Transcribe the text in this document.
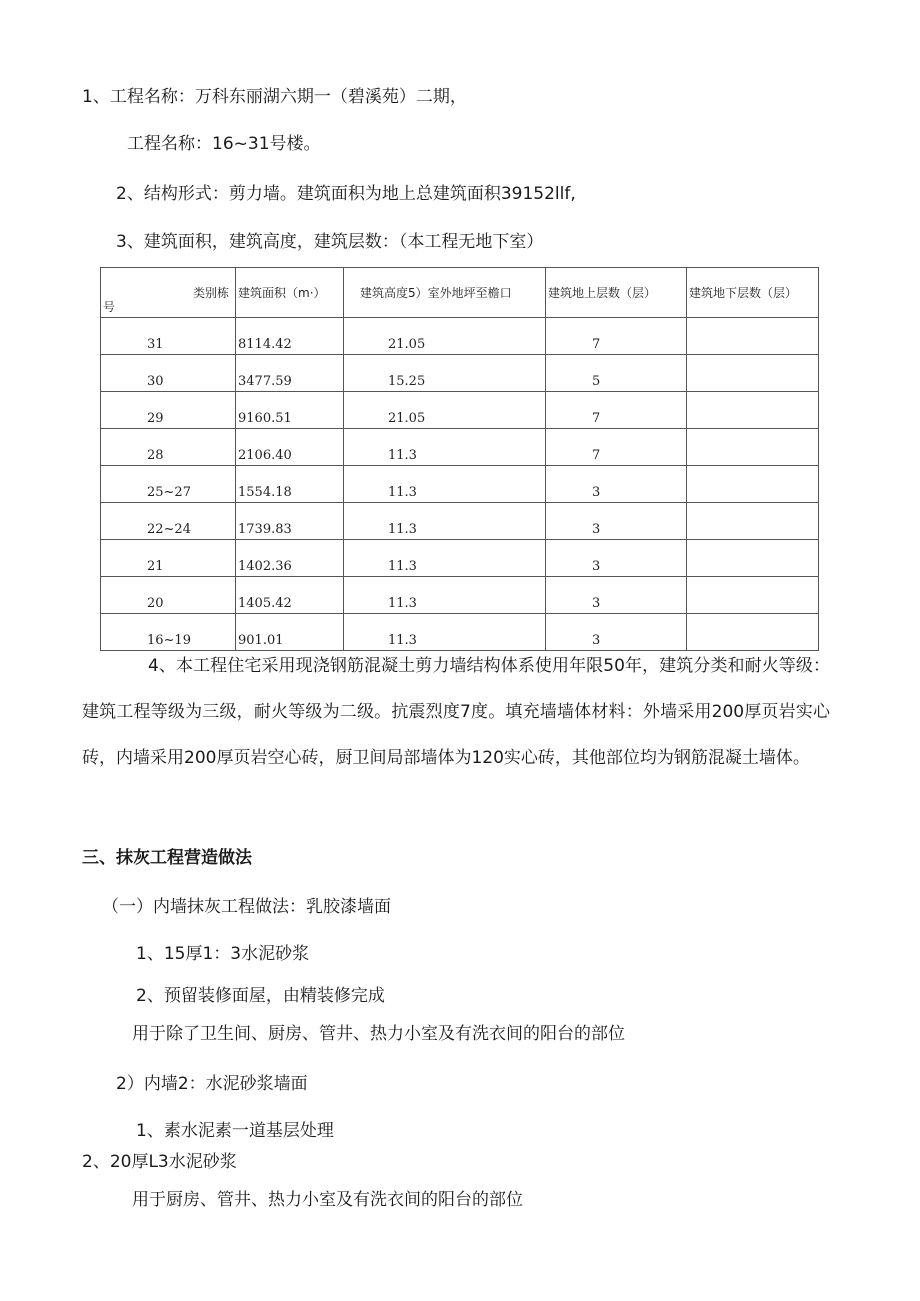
1、工程名称：万科东丽湖六期一（碧溪苑）二期，
工程名称：16~31号楼。
2、结构形式：剪力墙。建筑面积为地上总建筑面积39152llf,
3、建筑面积，建筑高度，建筑层数：（本工程无地下室）
类别栋
号	建筑面积（m·）	建筑高度5）室外地坪至檐口	建筑地上层数（层）	建筑地下层数（层）
31	8114.42	21.05	7	
30	3477.59	15.25	5	
29	9160.51	21.05	7	
28	2106.40	11.3	7	
25~27	1554.18	11.3	3	
22~24	1739.83	11.3	3	
21	1402.36	11.3	3	
20	1405.42	11.3	3	
16~19	901.01	11.3	3	
4、本工程住宅采用现浇钢筋混凝土剪力墙结构体系使用年限50年，建筑分类和耐火等级：建筑工程等级为三级，耐火等级为二级。抗震烈度7度。填充墙墙体材料：外墙采用200厚页岩实心砖，内墙采用200厚页岩空心砖，厨卫间局部墙体为120实心砖，其他部位均为钢筋混凝土墙体。
三、抹灰工程营造做法
（一）内墙抹灰工程做法：乳胶漆墙面
1、15厚1：3水泥砂浆
2、预留装修面屋，由精装修完成
用于除了卫生间、厨房、管井、热力小室及有洗衣间的阳台的部位
2）内墙2：水泥砂浆墙面
1、素水泥素一道基层处理
2、20厚L3水泥砂浆
用于厨房、管井、热力小室及有洗衣间的阳台的部位
